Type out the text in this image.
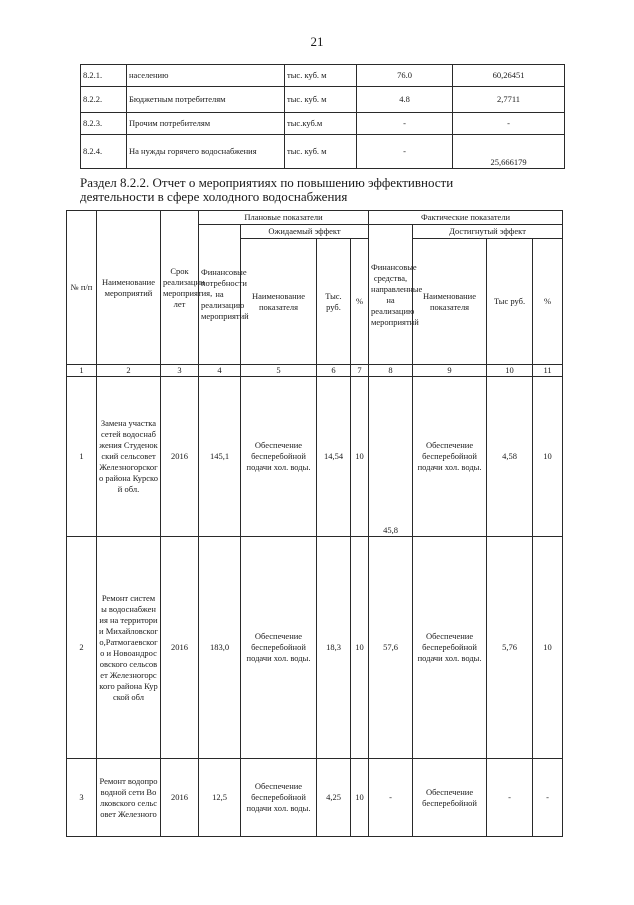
21
8.2.1.	населению	тыс. куб. м	76.0	60,26451
8.2.2.	Бюджетным потребителям	тыс. куб. м	4.8	2,7711
8.2.3.	Прочим потребителям	тыс.куб.м	-	-
8.2.4.	На нужды горячего водоснабжения	тыс. куб. м	-	25,666179
Раздел 8.2.2. Отчет о мероприятиях по повышению эффективности
деятельности в сфере холодного водоснабжения
№ п/п	Наименование мероприятий	Срок реализации мероприятия, лет	Плановые показатели				Фактические показатели			
			Финансовые потребности на реализацию мероприятий	Ожидаемый эффект			Финансовые средства, направленные на реализацию мероприятий	Достигнутый эффект		
				Наименование показателя	Тыс. руб.	%		Наименование показателя	Тыс руб.	%
1	2	3	4	5	6	7	8	9	10	11
1	Замена участка сетей водоснабжения Студенокский сельсовет Железногорского района Курской обл.	2016	145,1	Обеспечение бесперебойной подачи хол. воды.	14,54	10	45,8	Обеспечение бесперебойной подачи хол. воды.	4,58	10
2	Ремонт системы водоснабжения на территории Михайловского,Ратмогаевского и Новоандросовского сельсовет Железногорского района Курской обл	2016	183,0	Обеспечение бесперебойной подачи хол. воды.	18,3	10	57,6	Обеспечение бесперебойной подачи хол. воды.	5,76	10
3	Ремонт водопроводной сети Волковского сельсовет Железного	2016	12,5	Обеспечение бесперебойной подачи хол. воды.	4,25	10	-	Обеспечение бесперебойной	-	-
